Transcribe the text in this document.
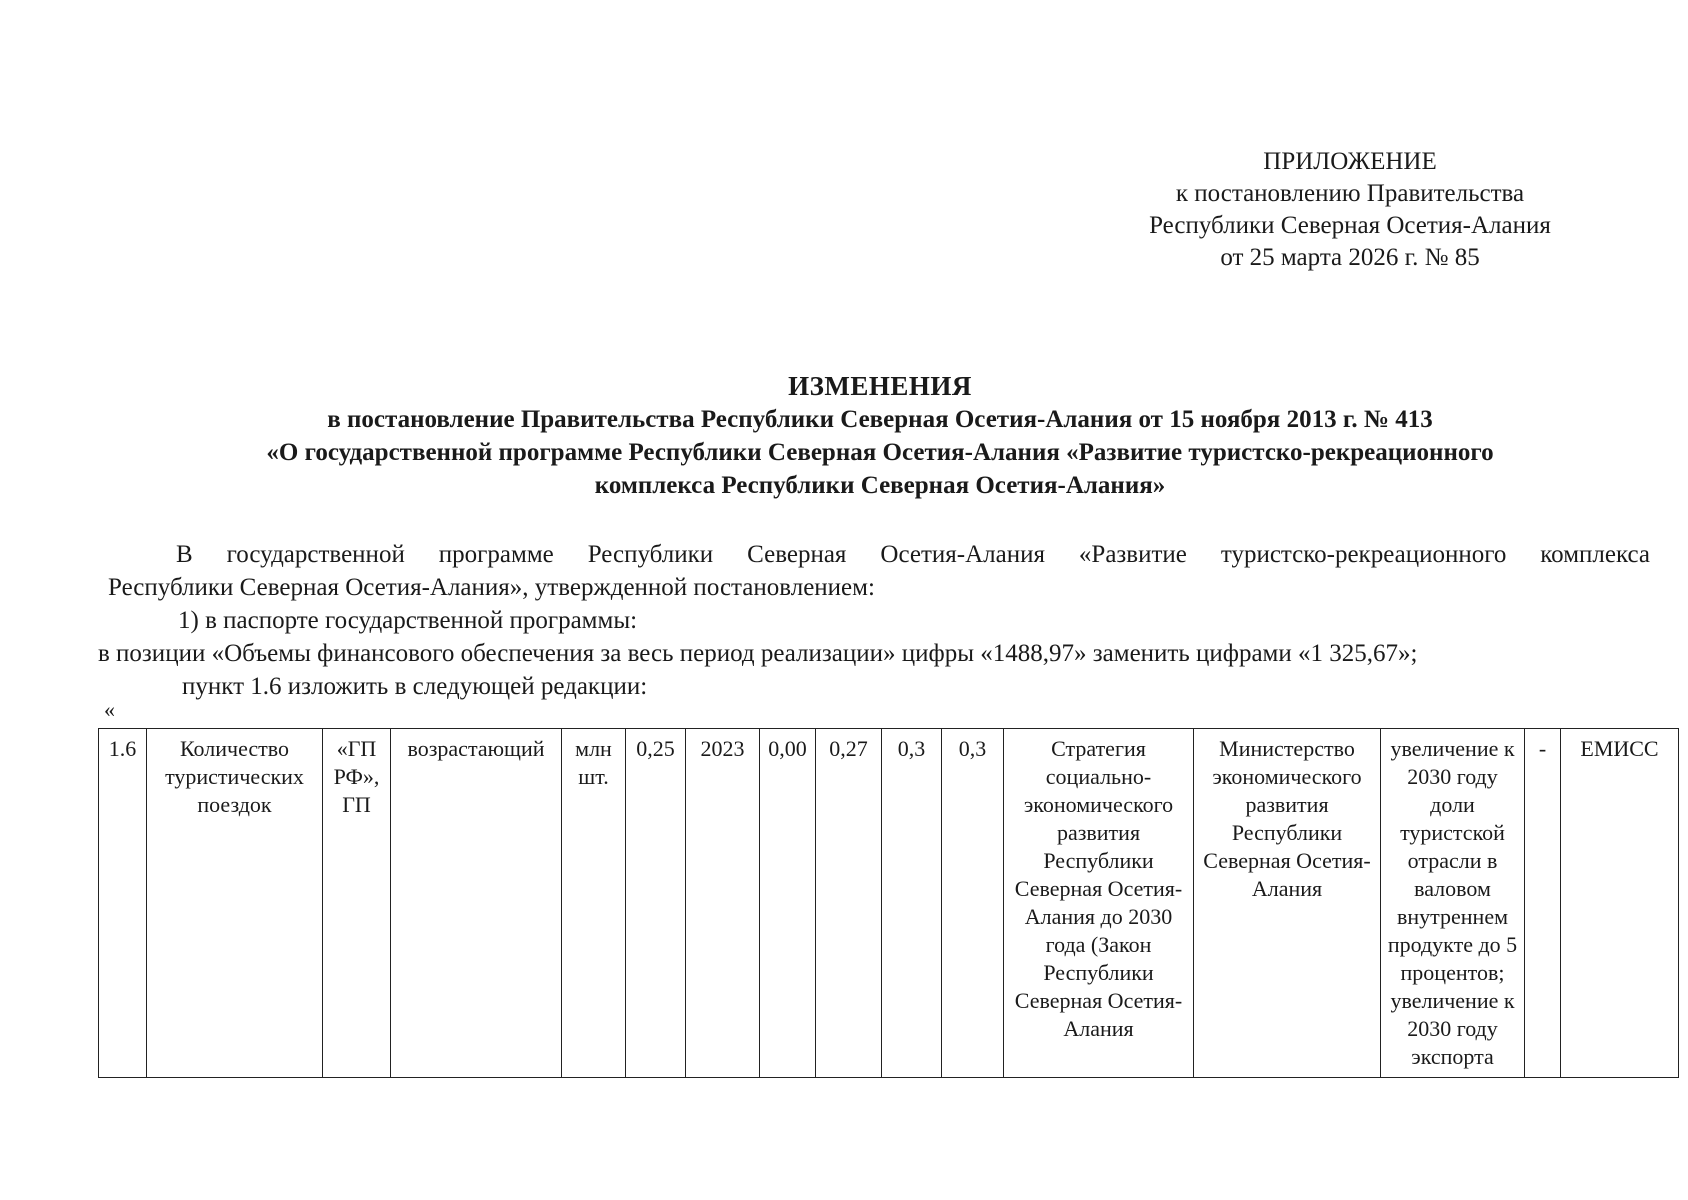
ПРИЛОЖЕНИЕ
к постановлению Правительства
Республики Северная Осетия-Алания
от 25 марта 2026 г. № 85
ИЗМЕНЕНИЯ
в постановление Правительства Республики Северная Осетия-Алания от 15 ноября 2013 г. № 413
«О государственной программе Республики Северная Осетия-Алания «Развитие туристско-рекреационного
комплекса Республики Северная Осетия-Алания»
В государственной программе Республики Северная Осетия-Алания «Развитие туристско-рекреационного комплекса
Республики Северная Осетия-Алания», утвержденной постановлением:
1) в паспорте государственной программы:
в позиции «Объемы финансового обеспечения за весь период реализации» цифры «1488,97» заменить цифрами «1 325,67»;
пункт 1.6 изложить в следующей редакции:
«
1.6	Количество туристических поездок	«ГП РФ», ГП	возрастающий	млн шт.	0,25	2023	0,00	0,27	0,3	0,3	Стратегия социально-экономического развития Республики Северная Осетия-Алания до 2030 года (Закон Республики Северная Осетия-Алания	Министерство экономического развития Республики Северная Осетия-Алания	увеличение к 2030 году доли туристской отрасли в валовом внутреннем продукте до 5 процентов; увеличение к 2030 году экспорта	-	ЕМИСС
